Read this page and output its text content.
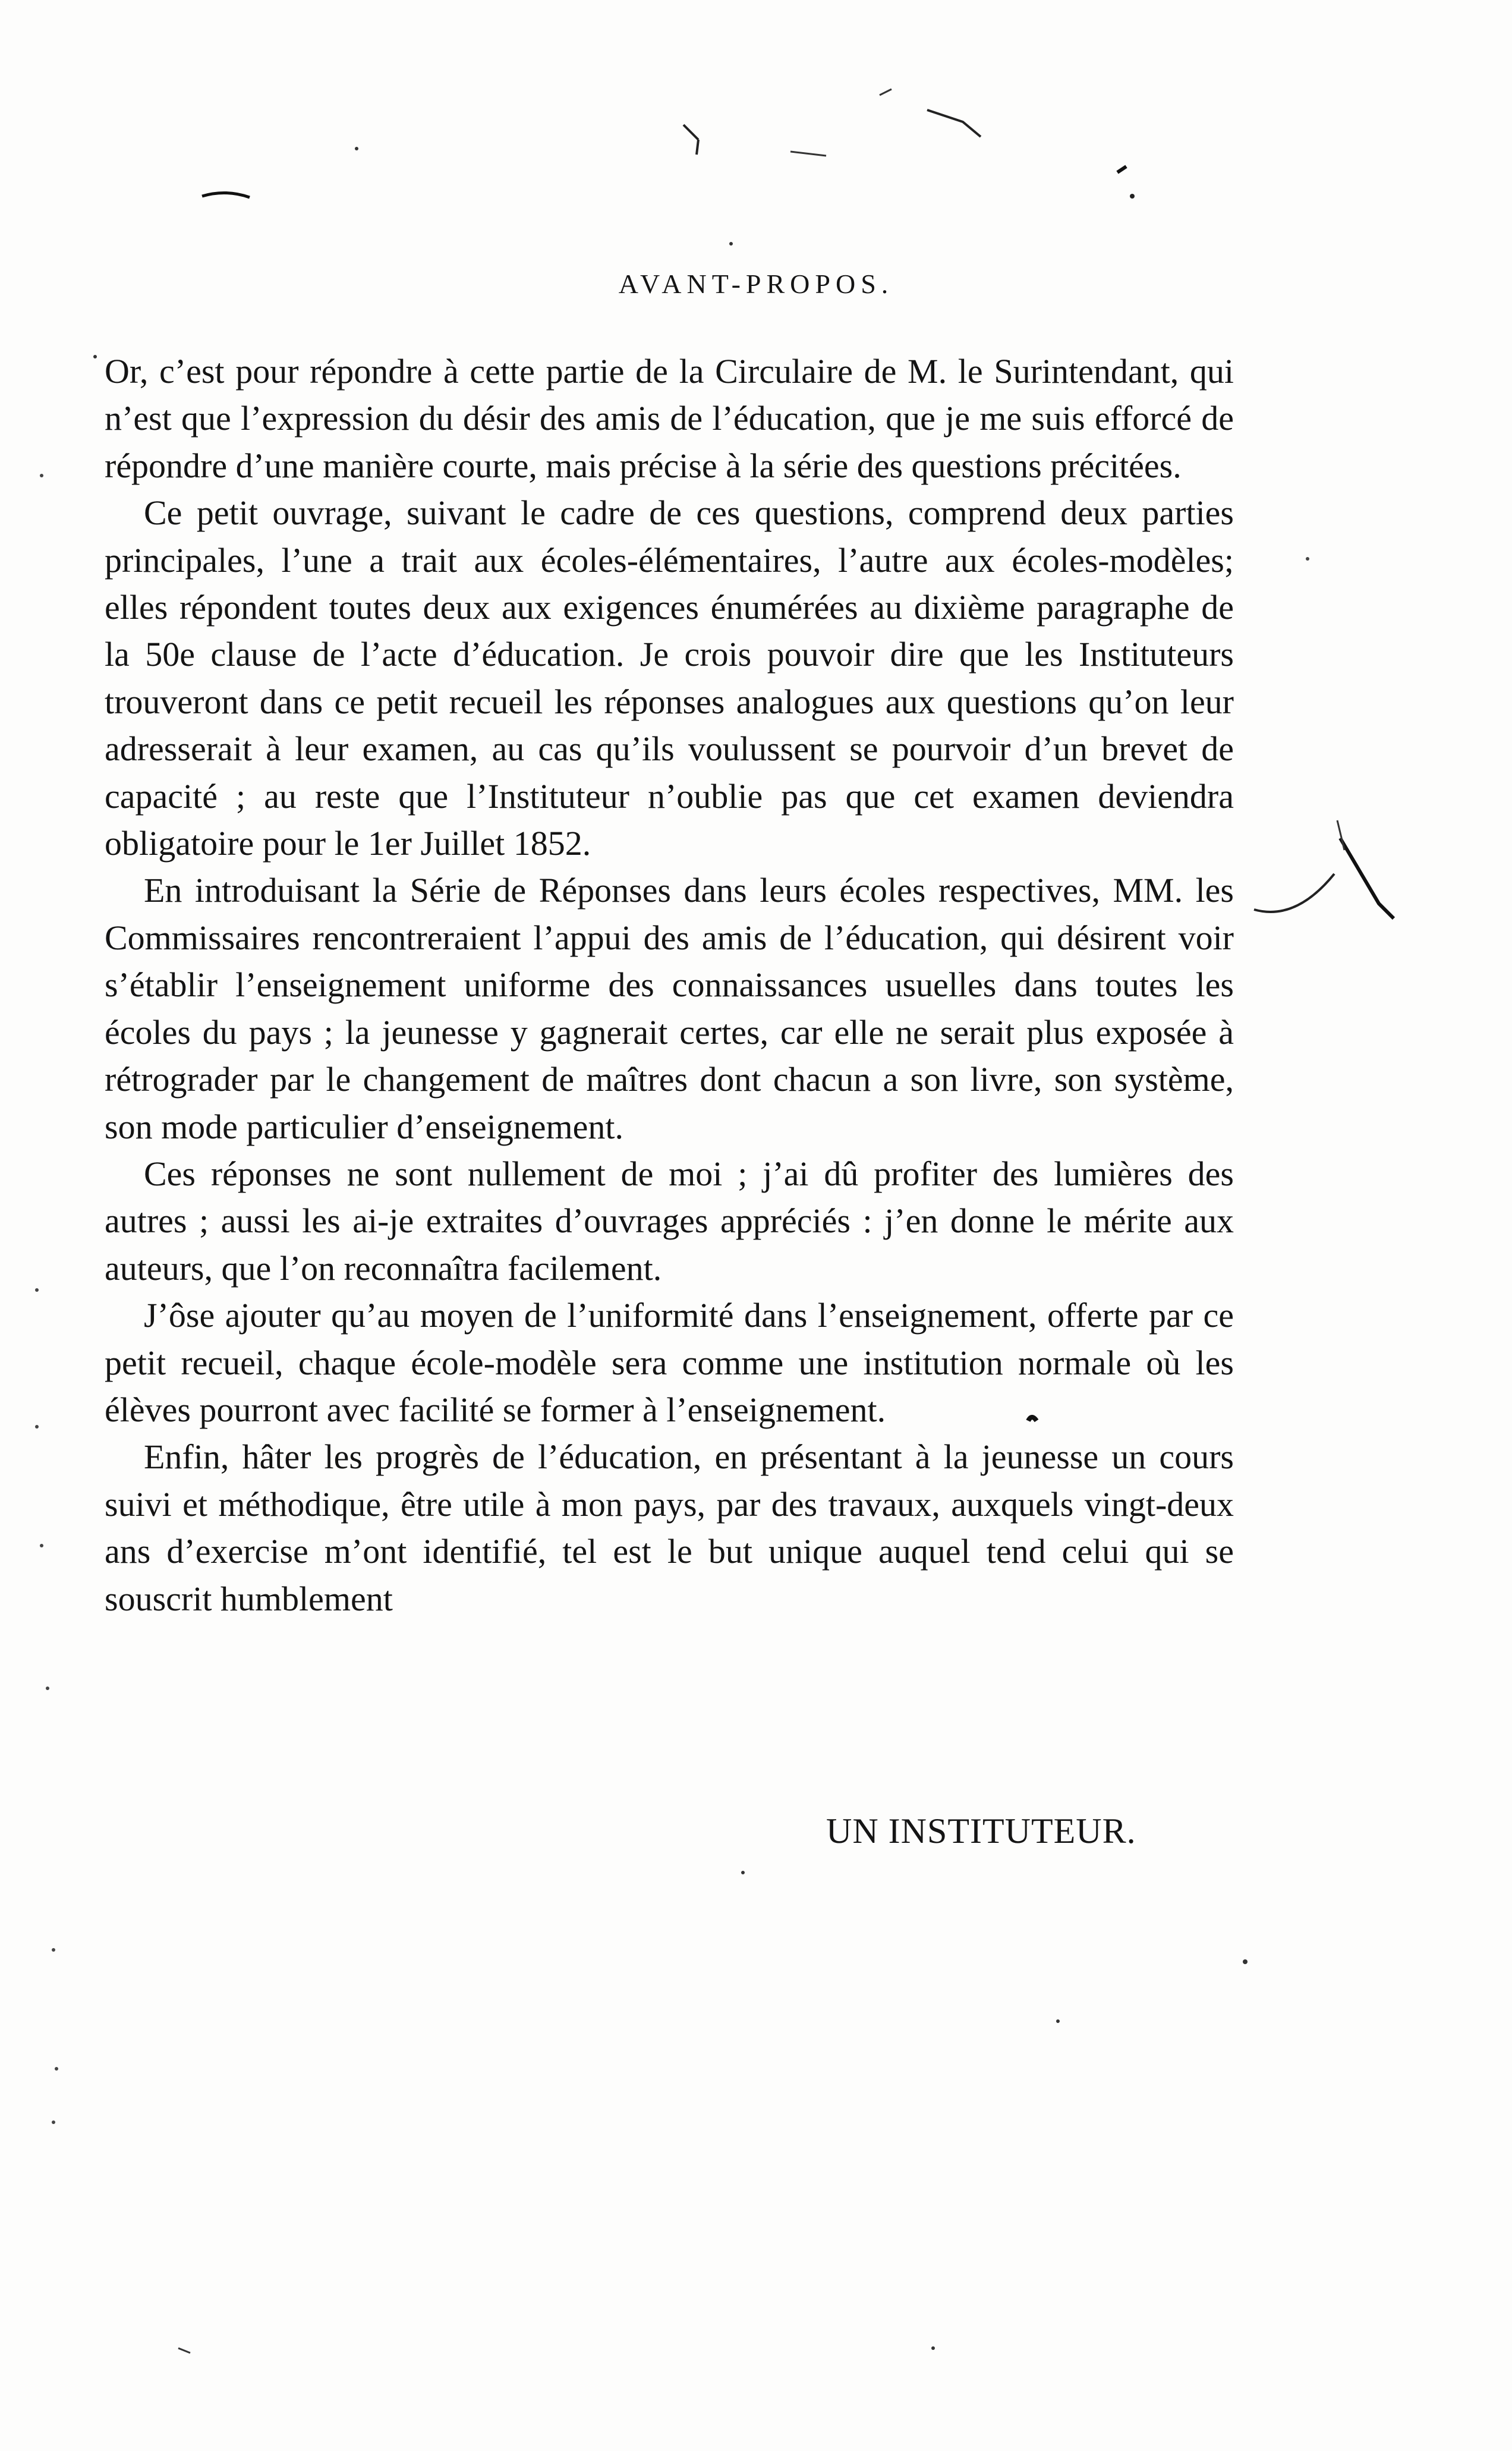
AVANT-PROPOS.

Or, c’est pour répondre à cette partie de la Circulaire de M. le Surintendant, qui n’est que l’expression du désir des amis de l’éducation, que je me suis efforcé de répondre d’une manière courte, mais précise à la série des questions précitées.

Ce petit ouvrage, suivant le cadre de ces questions, comprend deux parties principales, l’une a trait aux écoles-élémentaires, l’autre aux écoles-modèles; elles répondent toutes deux aux exigences énumérées au dixième paragraphe de la 50e clause de l’acte d’éducation. Je crois pouvoir dire que les Instituteurs trouveront dans ce petit recueil les réponses analogues aux questions qu’on leur adresserait à leur examen, au cas qu’ils voulussent se pourvoir d’un brevet de capacité ; au reste que l’Instituteur n’oublie pas que cet examen deviendra obligatoire pour le 1er Juillet 1852.

En introduisant la Série de Réponses dans leurs écoles respectives, MM. les Commissaires rencontreraient l’appui des amis de l’éducation, qui désirent voir s’établir l’enseignement uniforme des connaissances usuelles dans toutes les écoles du pays ; la jeunesse y gagnerait certes, car elle ne serait plus exposée à rétrograder par le changement de maîtres dont chacun a son livre, son système, son mode particulier d’enseignement.

Ces réponses ne sont nullement de moi ; j’ai dû profiter des lumières des autres ; aussi les ai-je extraites d’ouvrages appréciés : j’en donne le mérite aux auteurs, que l’on reconnaîtra facilement.

J’ôse ajouter qu’au moyen de l’uniformité dans l’enseignement, offerte par ce petit recueil, chaque école-modèle sera comme une institution normale où les élèves pourront avec facilité se former à l’enseignement.

Enfin, hâter les progrès de l’éducation, en présentant à la jeunesse un cours suivi et méthodique, être utile à mon pays, par des travaux, auxquels vingt-deux ans d’exercise m’ont identifié, tel est le but unique auquel tend celui qui se souscrit humblement

UN INSTITUTEUR.
